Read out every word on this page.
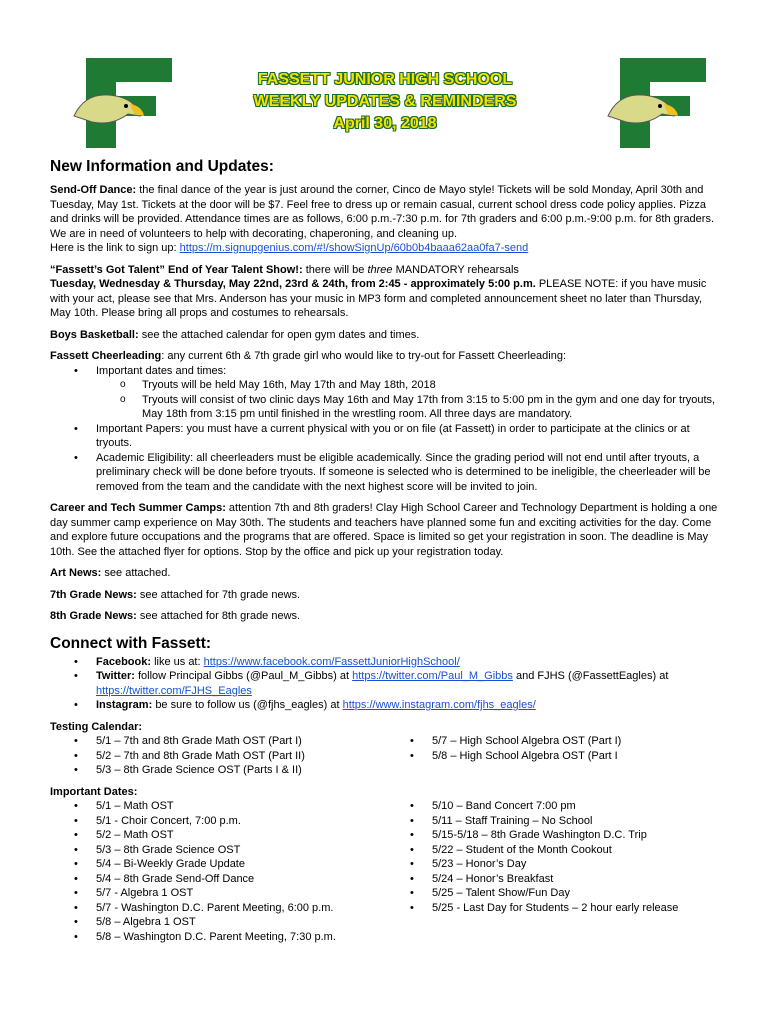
FASSETT JUNIOR HIGH SCHOOL
WEEKLY UPDATES & REMINDERS
April 30, 2018
New Information and Updates:

Send-Off Dance: the final dance of the year is just around the corner, Cinco de Mayo style! Tickets will be sold Monday, April 30th and Tuesday, May 1st. Tickets at the door will be $7. Feel free to dress up or remain casual, current school dress code policy applies. Pizza and drinks will be provided. Attendance times are as follows, 6:00 p.m.-7:30 p.m. for 7th graders and 6:00 p.m.-9:00 p.m. for 8th graders. We are in need of volunteers to help with decorating, chaperoning, and cleaning up.
Here is the link to sign up: https://m.signupgenius.com/#!/showSignUp/60b0b4baaa62aa0fa7-send

“Fassett’s Got Talent” End of Year Talent Show!: there will be three MANDATORY rehearsals
Tuesday, Wednesday & Thursday, May 22nd, 23rd & 24th, from 2:45 - approximately 5:00 p.m. PLEASE NOTE: if you have music with your act, please see that Mrs. Anderson has your music in MP3 form and completed announcement sheet no later than Thursday, May 10th. Please bring all props and costumes to rehearsals.

Boys Basketball: see the attached calendar for open gym dates and times.

Fassett Cheerleading: any current 6th & 7th grade girl who would like to try-out for Fassett Cheerleading:

• Important dates and times:
o Tryouts will be held May 16th, May 17th and May 18th, 2018
o Tryouts will consist of two clinic days May 16th and May 17th from 3:15 to 5:00 pm in the gym and one day for tryouts, May 18th from 3:15 pm until finished in the wrestling room. All three days are mandatory.
• Important Papers: you must have a current physical with you or on file (at Fassett) in order to participate at the clinics or at tryouts.
• Academic Eligibility: all cheerleaders must be eligible academically. Since the grading period will not end until after tryouts, a preliminary check will be done before tryouts. If someone is selected who is determined to be ineligible, the cheerleader will be removed from the team and the candidate with the next highest score will be invited to join.

Career and Tech Summer Camps: attention 7th and 8th graders! Clay High School Career and Technology Department is holding a one day summer camp experience on May 30th. The students and teachers have planned some fun and exciting activities for the day. Come and explore future occupations and the programs that are offered. Space is limited so get your registration in soon. The deadline is May 10th. See the attached flyer for options. Stop by the office and pick up your registration today.

Art News: see attached.

7th Grade News: see attached for 7th grade news.

8th Grade News: see attached for 8th grade news.

Connect with Fassett:
• Facebook: like us at: https://www.facebook.com/FassettJuniorHighSchool/
• Twitter: follow Principal Gibbs (@Paul_M_Gibbs) at https://twitter.com/Paul_M_Gibbs and FJHS (@FassettEagles) at https://twitter.com/FJHS_Eagles
• Instagram: be sure to follow us (@fjhs_eagles) at https://www.instagram.com/fjhs_eagles/
Testing Calendar:
• 5/1 – 7th and 8th Grade Math OST (Part I)
• 5/2 – 7th and 8th Grade Math OST (Part II)
• 5/3 – 8th Grade Science OST (Parts I & II)
• 5/7 – High School Algebra OST (Part I)
• 5/8 – High School Algebra OST (Part I
Important Dates:
• 5/1 – Math OST
• 5/1 - Choir Concert, 7:00 p.m.
• 5/2 – Math OST
• 5/3 – 8th Grade Science OST
• 5/4 – Bi-Weekly Grade Update
• 5/4 – 8th Grade Send-Off Dance
• 5/7 - Algebra 1 OST
• 5/7 - Washington D.C. Parent Meeting, 6:00 p.m.
• 5/8 – Algebra 1 OST
• 5/8 – Washington D.C. Parent Meeting, 7:30 p.m.
• 5/10 – Band Concert 7:00 pm
• 5/11 – Staff Training – No School
• 5/15-5/18 – 8th Grade Washington D.C. Trip
• 5/22 – Student of the Month Cookout
• 5/23 – Honor’s Day
• 5/24 – Honor’s Breakfast
• 5/25 – Talent Show/Fun Day
• 5/25 - Last Day for Students – 2 hour early release
